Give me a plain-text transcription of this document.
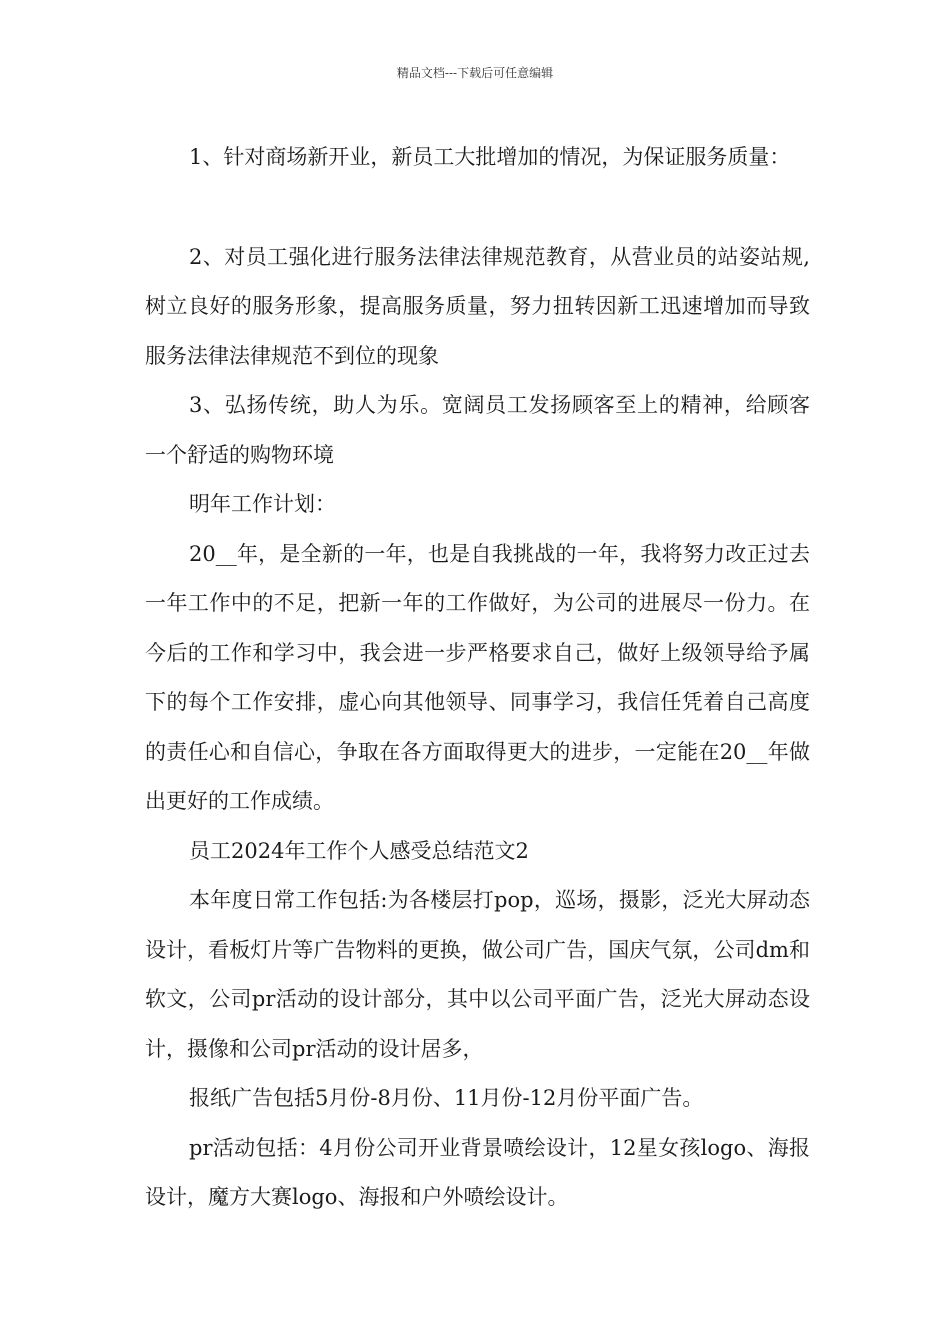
精品文档---下载后可任意编辑

1、针对商场新开业，新员工大批增加的情况，为保证服务质量：

2、对员工强化进行服务法律法律规范教育，从营业员的站姿站规,树立良好的服务形象，提高服务质量，努力扭转因新工迅速增加而导致服务法律法律规范不到位的现象

3、弘扬传统，助人为乐。宽阔员工发扬顾客至上的精神，给顾客一个舒适的购物环境

明年工作计划：

20__年，是全新的一年，也是自我挑战的一年，我将努力改正过去一年工作中的不足，把新一年的工作做好，为公司的进展尽一份力。在今后的工作和学习中，我会进一步严格要求自己，做好上级领导给予属下的每个工作安排，虚心向其他领导、同事学习，我信任凭着自己高度的责任心和自信心，争取在各方面取得更大的进步，一定能在20__年做出更好的工作成绩。

员工2024年工作个人感受总结范文2

本年度日常工作包括:为各楼层打pop，巡场，摄影，泛光大屏动态设计，看板灯片等广告物料的更换，做公司广告，国庆气氛，公司dm和软文，公司pr活动的设计部分，其中以公司平面广告，泛光大屏动态设计，摄像和公司pr活动的设计居多，

报纸广告包括5月份-8月份、11月份-12月份平面广告。

pr活动包括：4月份公司开业背景喷绘设计，12星女孩logo、海报设计，魔方大赛logo、海报和户外喷绘设计。
